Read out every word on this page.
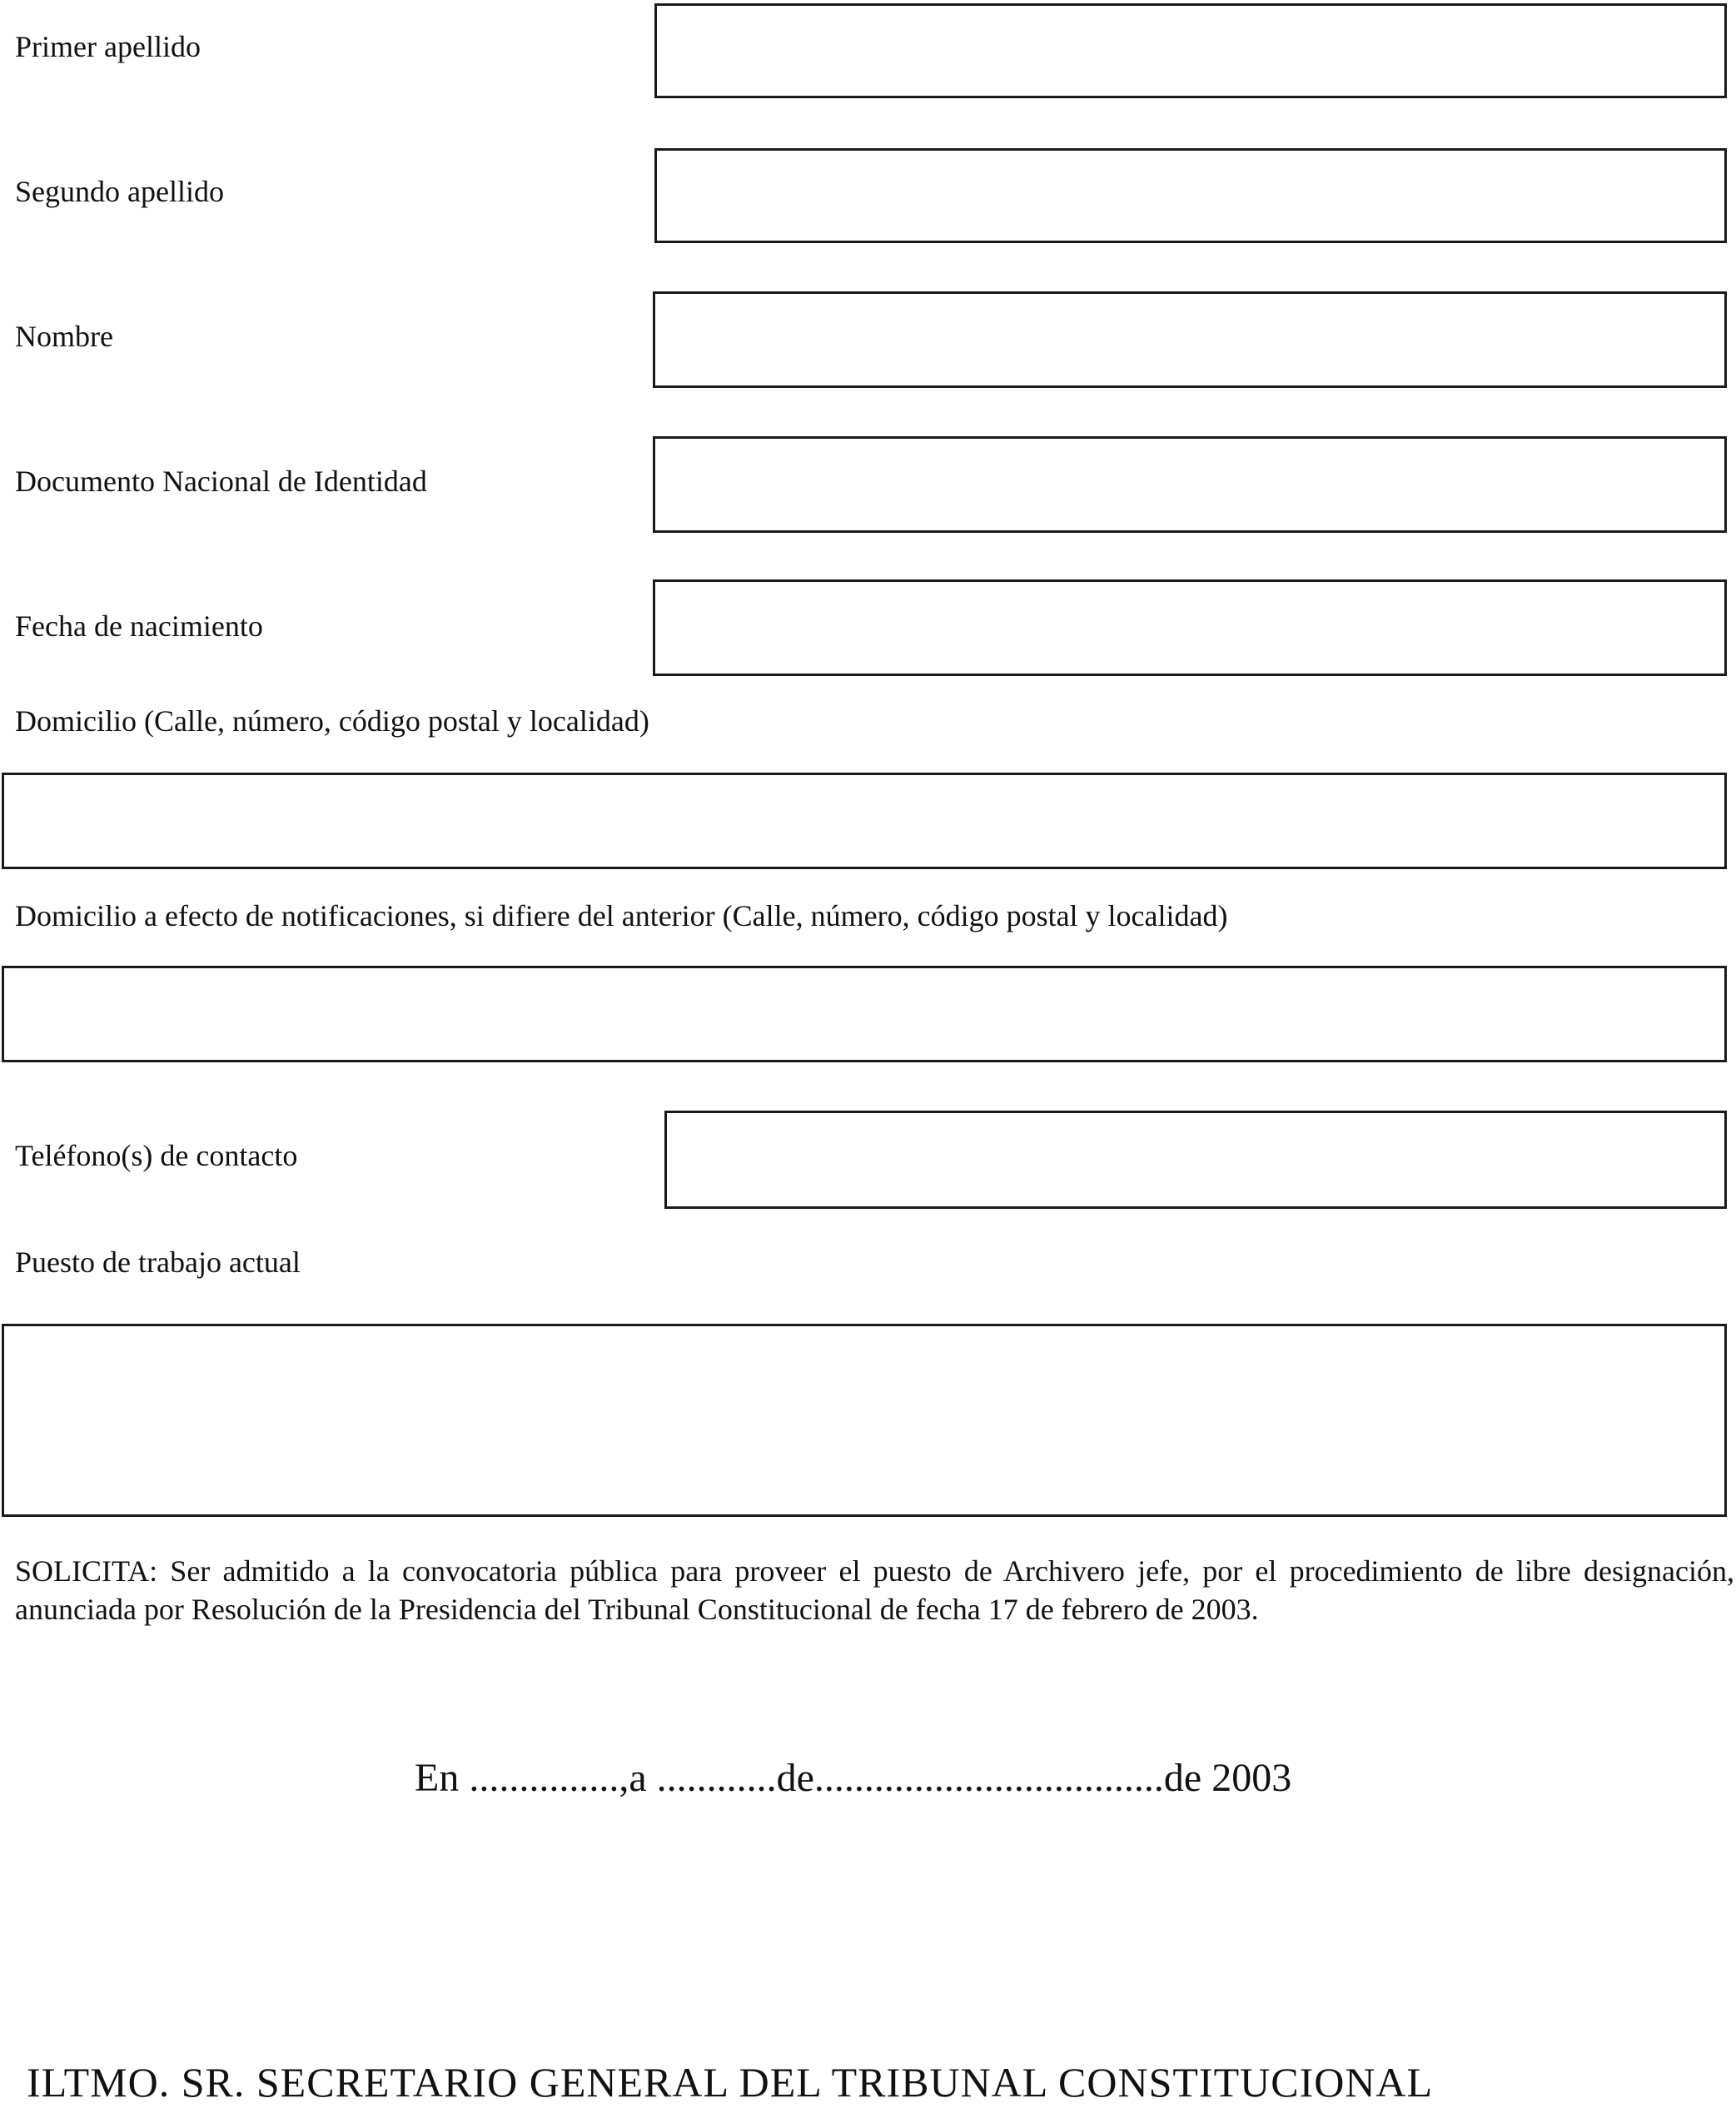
Primer apellido
Segundo apellido
Nombre
Documento Nacional de Identidad
Fecha de nacimiento
Domicilio (Calle, número, código postal y localidad)
Domicilio a efecto de notificaciones, si difiere del anterior (Calle, número, código postal y localidad)
Teléfono(s) de contacto
Puesto de trabajo actual
SOLICITA: Ser admitido a la convocatoria pública para proveer el puesto de Archivero jefe, por el procedimiento de libre designación, anunciada por Resolución de la Presidencia del Tribunal Constitucional de fecha 17 de febrero de 2003.
En ...............,a ............de...................................de 2003
ILTMO. SR. SECRETARIO GENERAL DEL TRIBUNAL CONSTITUCIONAL
